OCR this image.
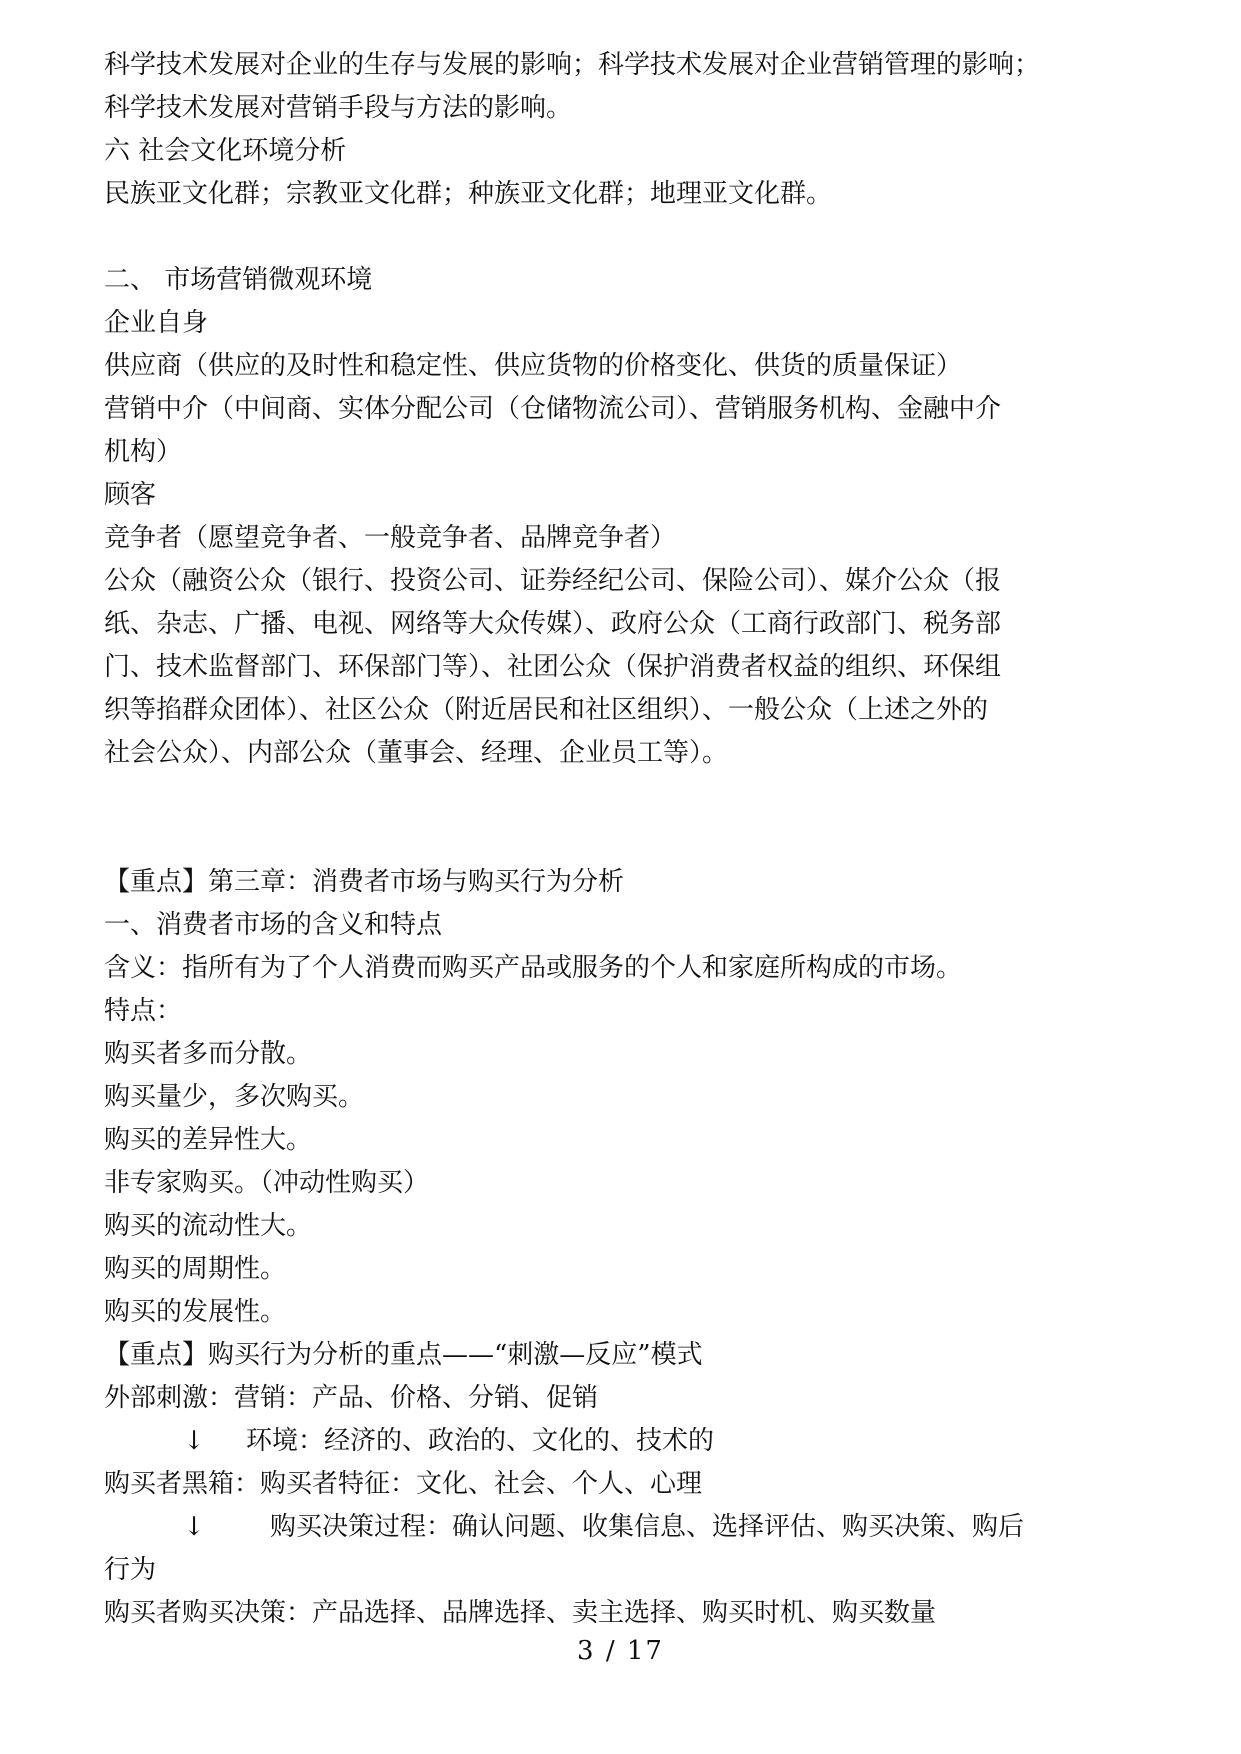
科学技术发展对企业的生存与发展的影响；科学技术发展对企业营销管理的影响；
科学技术发展对营销手段与方法的影响。
六 社会文化环境分析
民族亚文化群；宗教亚文化群；种族亚文化群；地理亚文化群。
二、 市场营销微观环境
企业自身
供应商（供应的及时性和稳定性、供应货物的价格变化、供货的质量保证）
营销中介（中间商、实体分配公司（仓储物流公司）、营销服务机构、金融中介
机构）
顾客
竞争者（愿望竞争者、一般竞争者、品牌竞争者）
公众（融资公众（银行、投资公司、证券经纪公司、保险公司）、媒介公众（报
纸、杂志、广播、电视、网络等大众传媒）、政府公众（工商行政部门、税务部
门、技术监督部门、环保部门等）、社团公众（保护消费者权益的组织、环保组
织等掐群众团体）、社区公众（附近居民和社区组织）、一般公众（上述之外的
社会公众）、内部公众（董事会、经理、企业员工等）。
【重点】第三章：消费者市场与购买行为分析
一、消费者市场的含义和特点
含义：指所有为了个人消费而购买产品或服务的个人和家庭所构成的市场。
特点：
购买者多而分散。
购买量少，多次购买。
购买的差异性大。
非专家购买。（冲动性购买）
购买的流动性大。
购买的周期性。
购买的发展性。
【重点】购买行为分析的重点——“刺激—反应”模式
外部刺激：营销：产品、价格、分销、促销
↓ 环境：经济的、政治的、文化的、技术的
购买者黑箱：购买者特征：文化、社会、个人、心理
↓	购买决策过程：确认问题、收集信息、选择评估、购买决策、购后
行为
购买者购买决策：产品选择、品牌选择、卖主选择、购买时机、购买数量
3 / 17
